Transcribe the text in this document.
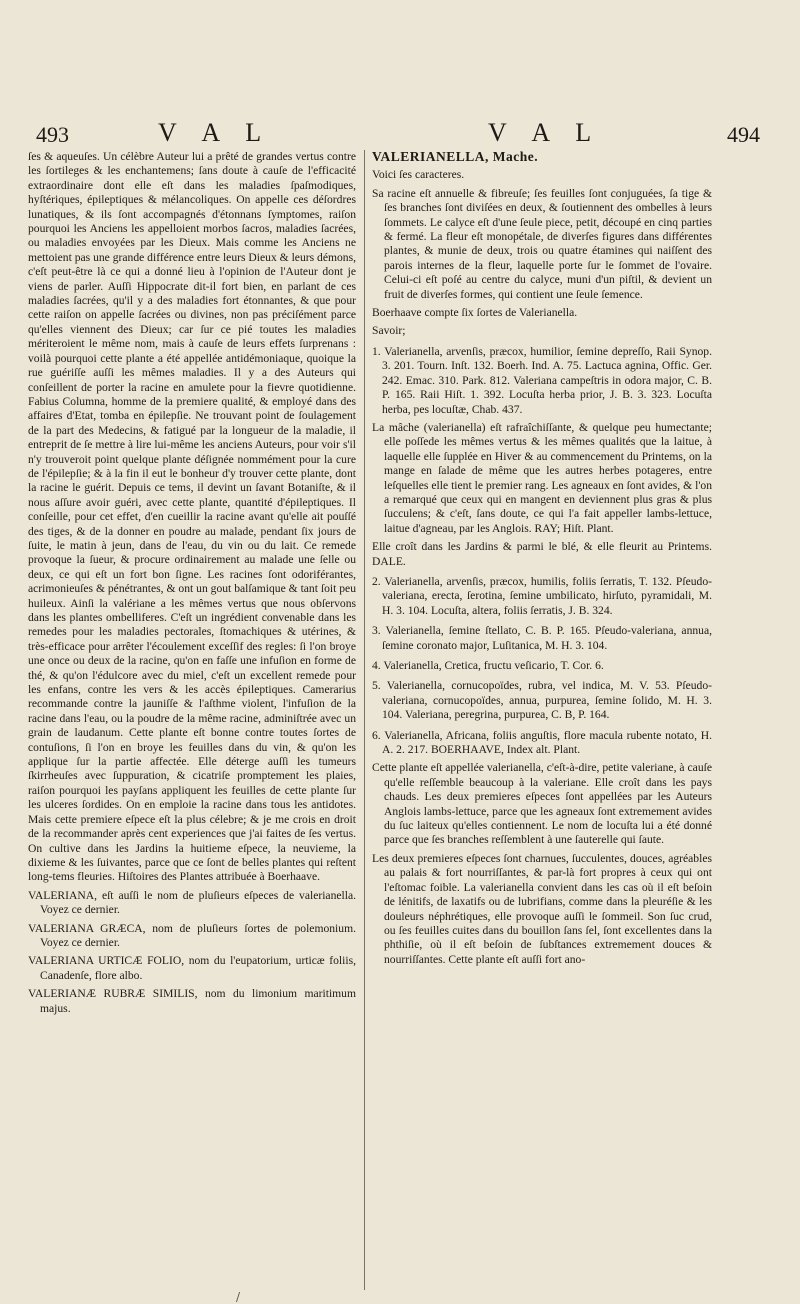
493	V A L	V A L	494

ſes & aqueuſes. Un célèbre Auteur lui a prêté de grandes vertus contre les ſortileges & les enchantemens; ſans doute à cauſe de l'efficacité extraordinaire dont elle eſt dans les maladies ſpaſmodiques, hyſtériques, épileptiques & mélancoliques. On appelle ces déſordres lunatiques, & ils ſont accompagnés d'étonnans ſymptomes, raiſon pourquoi les Anciens les appelloient morbos ſacros, maladies ſacrées, ou maladies envoyées par les Dieux. Mais comme les Anciens ne mettoient pas une grande différence entre leurs Dieux & leurs démons, c'eſt peut-être là ce qui a donné lieu à l'opinion de l'Auteur dont je viens de parler. Auſſi Hippocrate dit-il fort bien, en parlant de ces maladies ſacrées, qu'il y a des maladies fort étonnantes, & que pour cette raiſon on appelle ſacrées ou divines, non pas préciſément parce qu'elles viennent des Dieux; car ſur ce pié toutes les maladies mériteroient le même nom, mais à cauſe de leurs effets ſurprenans : voilà pourquoi cette plante a été appellée antidémoniaque, quoique la rue guériſſe auſſi les mêmes maladies. Il y a des Auteurs qui conſeillent de porter la racine en amulete pour la fievre quotidienne. Fabius Columna, homme de la premiere qualité, & employé dans des affaires d'Etat, tomba en épilepſie. Ne trouvant point de ſoulagement de la part des Medecins, & fatigué par la longueur de la maladie, il entreprit de ſe mettre à lire lui-même les anciens Auteurs, pour voir s'il n'y trouveroit point quelque plante déſignée nommément pour la cure de l'épilepſie; & à la fin il eut le bonheur d'y trouver cette plante, dont la racine le guérit. Depuis ce tems, il devint un ſavant Botaniſte, & il nous aſſure avoir guéri, avec cette plante, quantité d'épileptiques. Il conſeille, pour cet effet, d'en cueillir la racine avant qu'elle ait pouſſé des tiges, & de la donner en poudre au malade, pendant ſix jours de ſuite, le matin à jeun, dans de l'eau, du vin ou du lait. Ce remede provoque la ſueur, & procure ordinairement au malade une ſelle ou deux, ce qui eſt un fort bon ſigne. Les racines ſont odoriférantes, acrimonieuſes & pénétrantes, & ont un gout balſamique & tant ſoit peu huileux. Ainſi la valériane a les mêmes vertus que nous obſervons dans les plantes ombelliferes. C'eſt un ingrédient convenable dans les remedes pour les maladies pectorales, ſtomachiques & utérines, & très-efficace pour arrêter l'écoulement exceſſif des regles: ſi l'on broye une once ou deux de la racine, qu'on en faſſe une infuſion en forme de thé, & qu'on l'édulcore avec du miel, c'eſt un excellent remede pour les enfans, contre les vers & les accès épileptiques. Camerarius recommande contre la jauniſſe & l'aſthme violent, l'infuſion de la racine dans l'eau, ou la poudre de la même racine, adminiſtrée avec un grain de laudanum. Cette plante eſt bonne contre toutes ſortes de contuſions, ſi l'on en broye les feuilles dans du vin, & qu'on les applique ſur la partie affectée. Elle déterge auſſi les tumeurs ſkirrheuſes avec ſuppuration, & cicatriſe promptement les plaies, raiſon pourquoi les payſans appliquent les feuilles de cette plante ſur les ulceres ſordides. On en emploie la racine dans tous les antidotes. Mais cette premiere eſpece eſt la plus célebre; & je me crois en droit de la recommander après cent experiences que j'ai faites de ſes vertus. On cultive dans les Jardins la huitieme eſpece, la neuvieme, la dixieme & les ſuivantes, parce que ce ſont de belles plantes qui reſtent long-tems fleuries. Hiſtoires des Plantes attribuée à Boerhaave.

VALERIANA, eſt auſſi le nom de pluſieurs eſpeces de valerianella. Voyez ce dernier.

VALERIANA GRÆCA, nom de pluſieurs ſortes de polemonium. Voyez ce dernier.

VALERIANA URTICÆ FOLIO, nom du l'eupatorium, urticæ foliis, Canadenſe, flore albo.

VALERIANÆ RUBRÆ SIMILIS, nom du limonium maritimum majus.

VALERIANELLA, Mache.

Voici ſes caracteres.

Sa racine eſt annuelle & fibreuſe; ſes feuilles ſont conjuguées, ſa tige & ſes branches ſont diviſées en deux, & ſoutiennent des ombelles à leurs ſommets. Le calyce eſt d'une ſeule piece, petit, découpé en cinq parties & fermé. La fleur eſt monopétale, de diverſes figures dans différentes plantes, & munie de deux, trois ou quatre étamines qui naiſſent des parois internes de la fleur, laquelle porte ſur le ſommet de l'ovaire. Celui-ci eſt poſé au centre du calyce, muni d'un piſtil, & devient un fruit de diverſes formes, qui contient une ſeule ſemence.

Boerhaave compte ſix ſortes de Valerianella.

Savoir;

1. Valerianella, arvenſis, præcox, humilior, ſemine depreſſo, Raii Synop. 3. 201. Tourn. Inſt. 132. Boerh. Ind. A. 75. Lactuca agnina, Offic. Ger. 242. Emac. 310. Park. 812. Valeriana campeſtris in odora major, C. B. P. 165. Raii Hiſt. 1. 392. Locuſta herba prior, J. B. 3. 323. Locuſta herba, pes locuſtæ, Chab. 437.

La mâche (valerianella) eſt rafraîchiſſante, & quelque peu humectante; elle poſſede les mêmes vertus & les mêmes qualités que la laitue, à laquelle elle ſupplée en Hiver & au commencement du Printems, on la mange en ſalade de même que les autres herbes potageres, entre leſquelles elle tient le premier rang. Les agneaux en ſont avides, & l'on a remarqué que ceux qui en mangent en deviennent plus gras & plus ſucculens; & c'eſt, ſans doute, ce qui l'a fait appeller lambs-lettuce, laitue d'agneau, par les Anglois. RAY; Hiſt. Plant.

Elle croît dans les Jardins & parmi le blé, & elle fleurit au Printems. DALE.

2. Valerianella, arvenſis, præcox, humilis, foliis ſerratis, T. 132. Pſeudo-valeriana, erecta, ſerotina, ſemine umbilicato, hirſuto, pyramidali, M. H. 3. 104. Locuſta, altera, foliis ſerratis, J. B. 324.

3. Valerianella, ſemine ſtellato, C. B. P. 165. Pſeudo-valeriana, annua, ſemine coronato major, Luſitanica, M. H. 3. 104.

4. Valerianella, Cretica, fructu veſicario, T. Cor. 6.

5. Valerianella, cornucopoïdes, rubra, vel indica, M. V. 53. Pſeudo-valeriana, cornucopoïdes, annua, purpurea, ſemine ſolido, M. H. 3. 104. Valeriana, peregrina, purpurea, C. B, P. 164.

6. Valerianella, Africana, foliis anguſtis, flore macula rubente notato, H. A. 2. 217. BOERHAAVE, Index alt. Plant.

Cette plante eſt appellée valerianella, c'eſt-à-dire, petite valeriane, à cauſe qu'elle reſſemble beaucoup à la valeriane. Elle croît dans les pays chauds. Les deux premieres eſpeces ſont appellées par les Auteurs Anglois lambs-lettuce, parce que les agneaux ſont extremement avides du ſuc laiteux qu'elles contiennent. Le nom de locuſta lui a été donné parce que ſes branches reſſemblent à une ſauterelle qui ſaute.

Les deux premieres eſpeces ſont charnues, ſucculentes, douces, agréables au palais & fort nourriſſantes, & par-là fort propres à ceux qui ont l'eſtomac foible. La valerianella convient dans les cas où il eſt beſoin de lénitifs, de laxatifs ou de lubrifians, comme dans la pleuréſie & les douleurs néphrétiques, elle provoque auſſi le ſommeil. Son ſuc crud, ou ſes feuilles cuites dans du bouillon ſans ſel, ſont excellentes dans la phthiſie, où il eſt beſoin de ſubſtances extremement douces & nourriſſantes. Cette plante eſt auſſi fort ano-

/
